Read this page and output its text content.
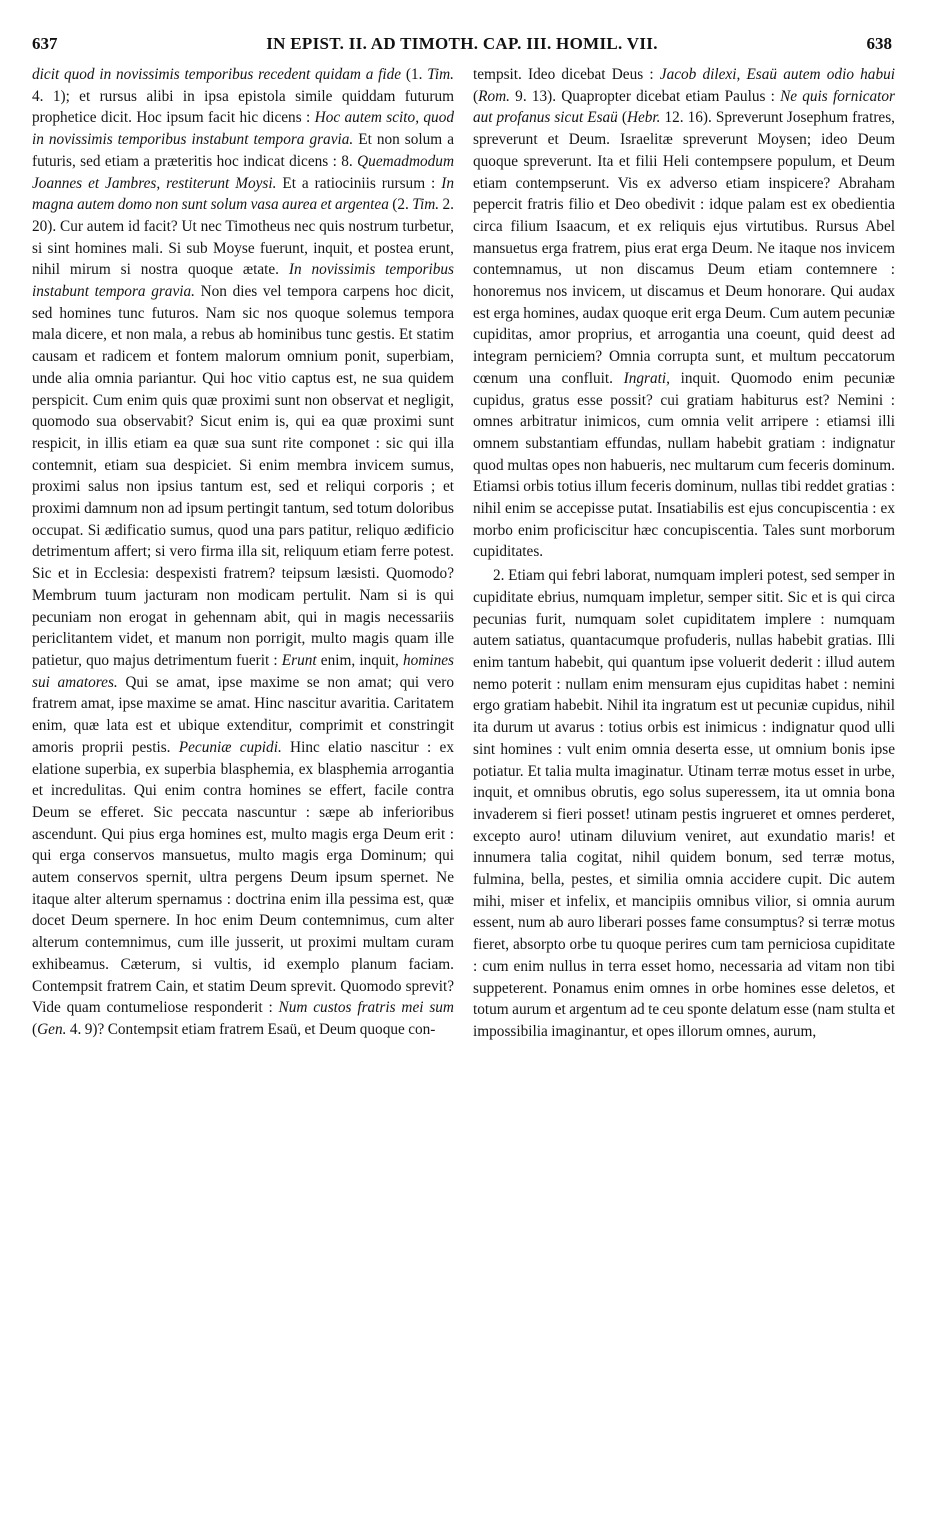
637	IN EPIST. II. AD TIMOTH. CAP. III. HOMIL. VII.	638

dicit quod in novissimis temporibus recedent quidam a fide (1. Tim. 4. 1); et rursus alibi in ipsa epistola simile quiddam futurum prophetice dicit. Hoc ipsum facit hic dicens : Hoc autem scito, quod in novissimis temporibus instabunt tempora gravia. Et non solum a futuris, sed etiam a præteritis hoc indicat dicens : 8. Quemadmodum Joannes et Jambres, restiterunt Moysi. Et a ratiociniis rursum : In magna autem domo non sunt solum vasa aurea et argentea (2. Tim. 2. 20). Cur autem id facit? Ut nec Timotheus nec quis nostrum turbetur, si sint homines mali. Si sub Moyse fuerunt, inquit, et postea erunt, nihil mirum si nostra quoque ætate. In novissimis temporibus instabunt tempora gravia. Non dies vel tempora carpens hoc dicit, sed homines tunc futuros. Nam sic nos quoque solemus tempora mala dicere, et non mala, a rebus ab hominibus tunc gestis. Et statim causam et radicem et fontem malorum omnium ponit, superbiam, unde alia omnia pariantur. Qui hoc vitio captus est, ne sua quidem perspicit. Cum enim quis quæ proximi sunt non observat et negligit, quomodo sua observabit? Sicut enim is, qui ea quæ proximi sunt respicit, in illis etiam ea quæ sua sunt rite componet : sic qui illa contemnit, etiam sua despiciet. Si enim membra invicem sumus, proximi salus non ipsius tantum est, sed et reliqui corporis ; et proximi damnum non ad ipsum pertingit tantum, sed totum doloribus occupat. Si ædificatio sumus, quod una pars patitur, reliquo ædificio detrimentum affert; si vero firma illa sit, reliquum etiam ferre potest. Sic et in Ecclesia: despexisti fratrem? teipsum læsisti. Quomodo? Membrum tuum jacturam non modicam pertulit. Nam si is qui pecuniam non erogat in gehennam abit, qui in magis necessariis periclitantem videt, et manum non porrigit, multo magis quam ille patietur, quo majus detrimentum fuerit : Erunt enim, inquit, homines sui amatores. Qui se amat, ipse maxime se non amat; qui vero fratrem amat, ipse maxime se amat. Hinc nascitur avaritia. Caritatem enim, quæ lata est et ubique extenditur, comprimit et constringit amoris proprii pestis. Pecuniæ cupidi. Hinc elatio nascitur : ex elatione superbia, ex superbia blasphemia, ex blasphemia arrogantia et incredulitas. Qui enim contra homines se effert, facile contra Deum se efferet. Sic peccata nascuntur : sæpe ab inferioribus ascendunt. Qui pius erga homines est, multo magis erga Deum erit : qui erga conservos mansuetus, multo magis erga Dominum; qui autem conservos spernit, ultra pergens Deum ipsum spernet. Ne itaque alter alterum spernamus : doctrina enim illa pessima est, quæ docet Deum spernere. In hoc enim Deum contemnimus, cum alter alterum contemnimus, cum ille jusserit, ut proximi multam curam exhibeamus. Cæterum, si vultis, id exemplo planum faciam. Contempsit fratrem Cain, et statim Deum sprevit. Quomodo sprevit? Vide quam contumeliose responderit : Num custos fratris mei sum (Gen. 4. 9)? Contempsit etiam fratrem Esaü, et Deum quoque con-

tempsit. Ideo dicebat Deus : Jacob dilexi, Esaü autem odio habui (Rom. 9. 13). Quapropter dicebat etiam Paulus : Ne quis fornicator aut profanus sicut Esaü (Hebr. 12. 16). Spreverunt Josephum fratres, spreverunt et Deum. Israelitæ spreverunt Moysen; ideo Deum quoque spreverunt. Ita et filii Heli contempsere populum, et Deum etiam contempserunt. Vis ex adverso etiam inspicere? Abraham pepercit fratris filio et Deo obedivit : idque palam est ex obedientia circa filium Isaacum, et ex reliquis ejus virtutibus. Rursus Abel mansuetus erga fratrem, pius erat erga Deum. Ne itaque nos invicem contemnamus, ut non discamus Deum etiam contemnere : honoremus nos invicem, ut discamus et Deum honorare. Qui audax est erga homines, audax quoque erit erga Deum. Cum autem pecuniæ cupiditas, amor proprius, et arrogantia una coeunt, quid deest ad integram perniciem? Omnia corrupta sunt, et multum peccatorum cœnum una confluit. Ingrati, inquit. Quomodo enim pecuniæ cupidus, gratus esse possit? cui gratiam habiturus est? Nemini : omnes arbitratur inimicos, cum omnia velit arripere : etiamsi illi omnem substantiam effundas, nullam habebit gratiam : indignatur quod multas opes non habueris, nec multarum cum feceris dominum. Etiamsi orbis totius illum feceris dominum, nullas tibi reddet gratias : nihil enim se accepisse putat. Insatiabilis est ejus concupiscentia : ex morbo enim proficiscitur hæc concupiscentia. Tales sunt morborum cupiditates.

2. Etiam qui febri laborat, numquam impleri potest, sed semper in cupiditate ebrius, numquam impletur, semper sitit. Sic et is qui circa pecunias furit, numquam solet cupiditatem implere : numquam autem satiatus, quantacumque profuderis, nullas habebit gratias. Illi enim tantum habebit, qui quantum ipse voluerit dederit : illud autem nemo poterit : nullam enim mensuram ejus cupiditas habet : nemini ergo gratiam habebit. Nihil ita ingratum est ut pecuniæ cupidus, nihil ita durum ut avarus : totius orbis est inimicus : indignatur quod ulli sint homines : vult enim omnia deserta esse, ut omnium bonis ipse potiatur. Et talia multa imaginatur. Utinam terræ motus esset in urbe, inquit, et omnibus obrutis, ego solus superessem, ita ut omnia bona invaderem si fieri posset! utinam pestis ingrueret et omnes perderet, excepto auro! utinam diluvium veniret, aut exundatio maris! et innumera talia cogitat, nihil quidem bonum, sed terræ motus, fulmina, bella, pestes, et similia omnia accidere cupit. Dic autem mihi, miser et infelix, et mancipiis omnibus vilior, si omnia aurum essent, num ab auro liberari posses fame consumptus? si terræ motus fieret, absorpto orbe tu quoque perires cum tam perniciosa cupiditate : cum enim nullus in terra esset homo, necessaria ad vitam non tibi suppeterent. Ponamus enim omnes in orbe homines esse deletos, et totum aurum et argentum ad te ceu sponte delatum esse (nam stulta et impossibilia imaginantur, et opes illorum omnes, aurum,
